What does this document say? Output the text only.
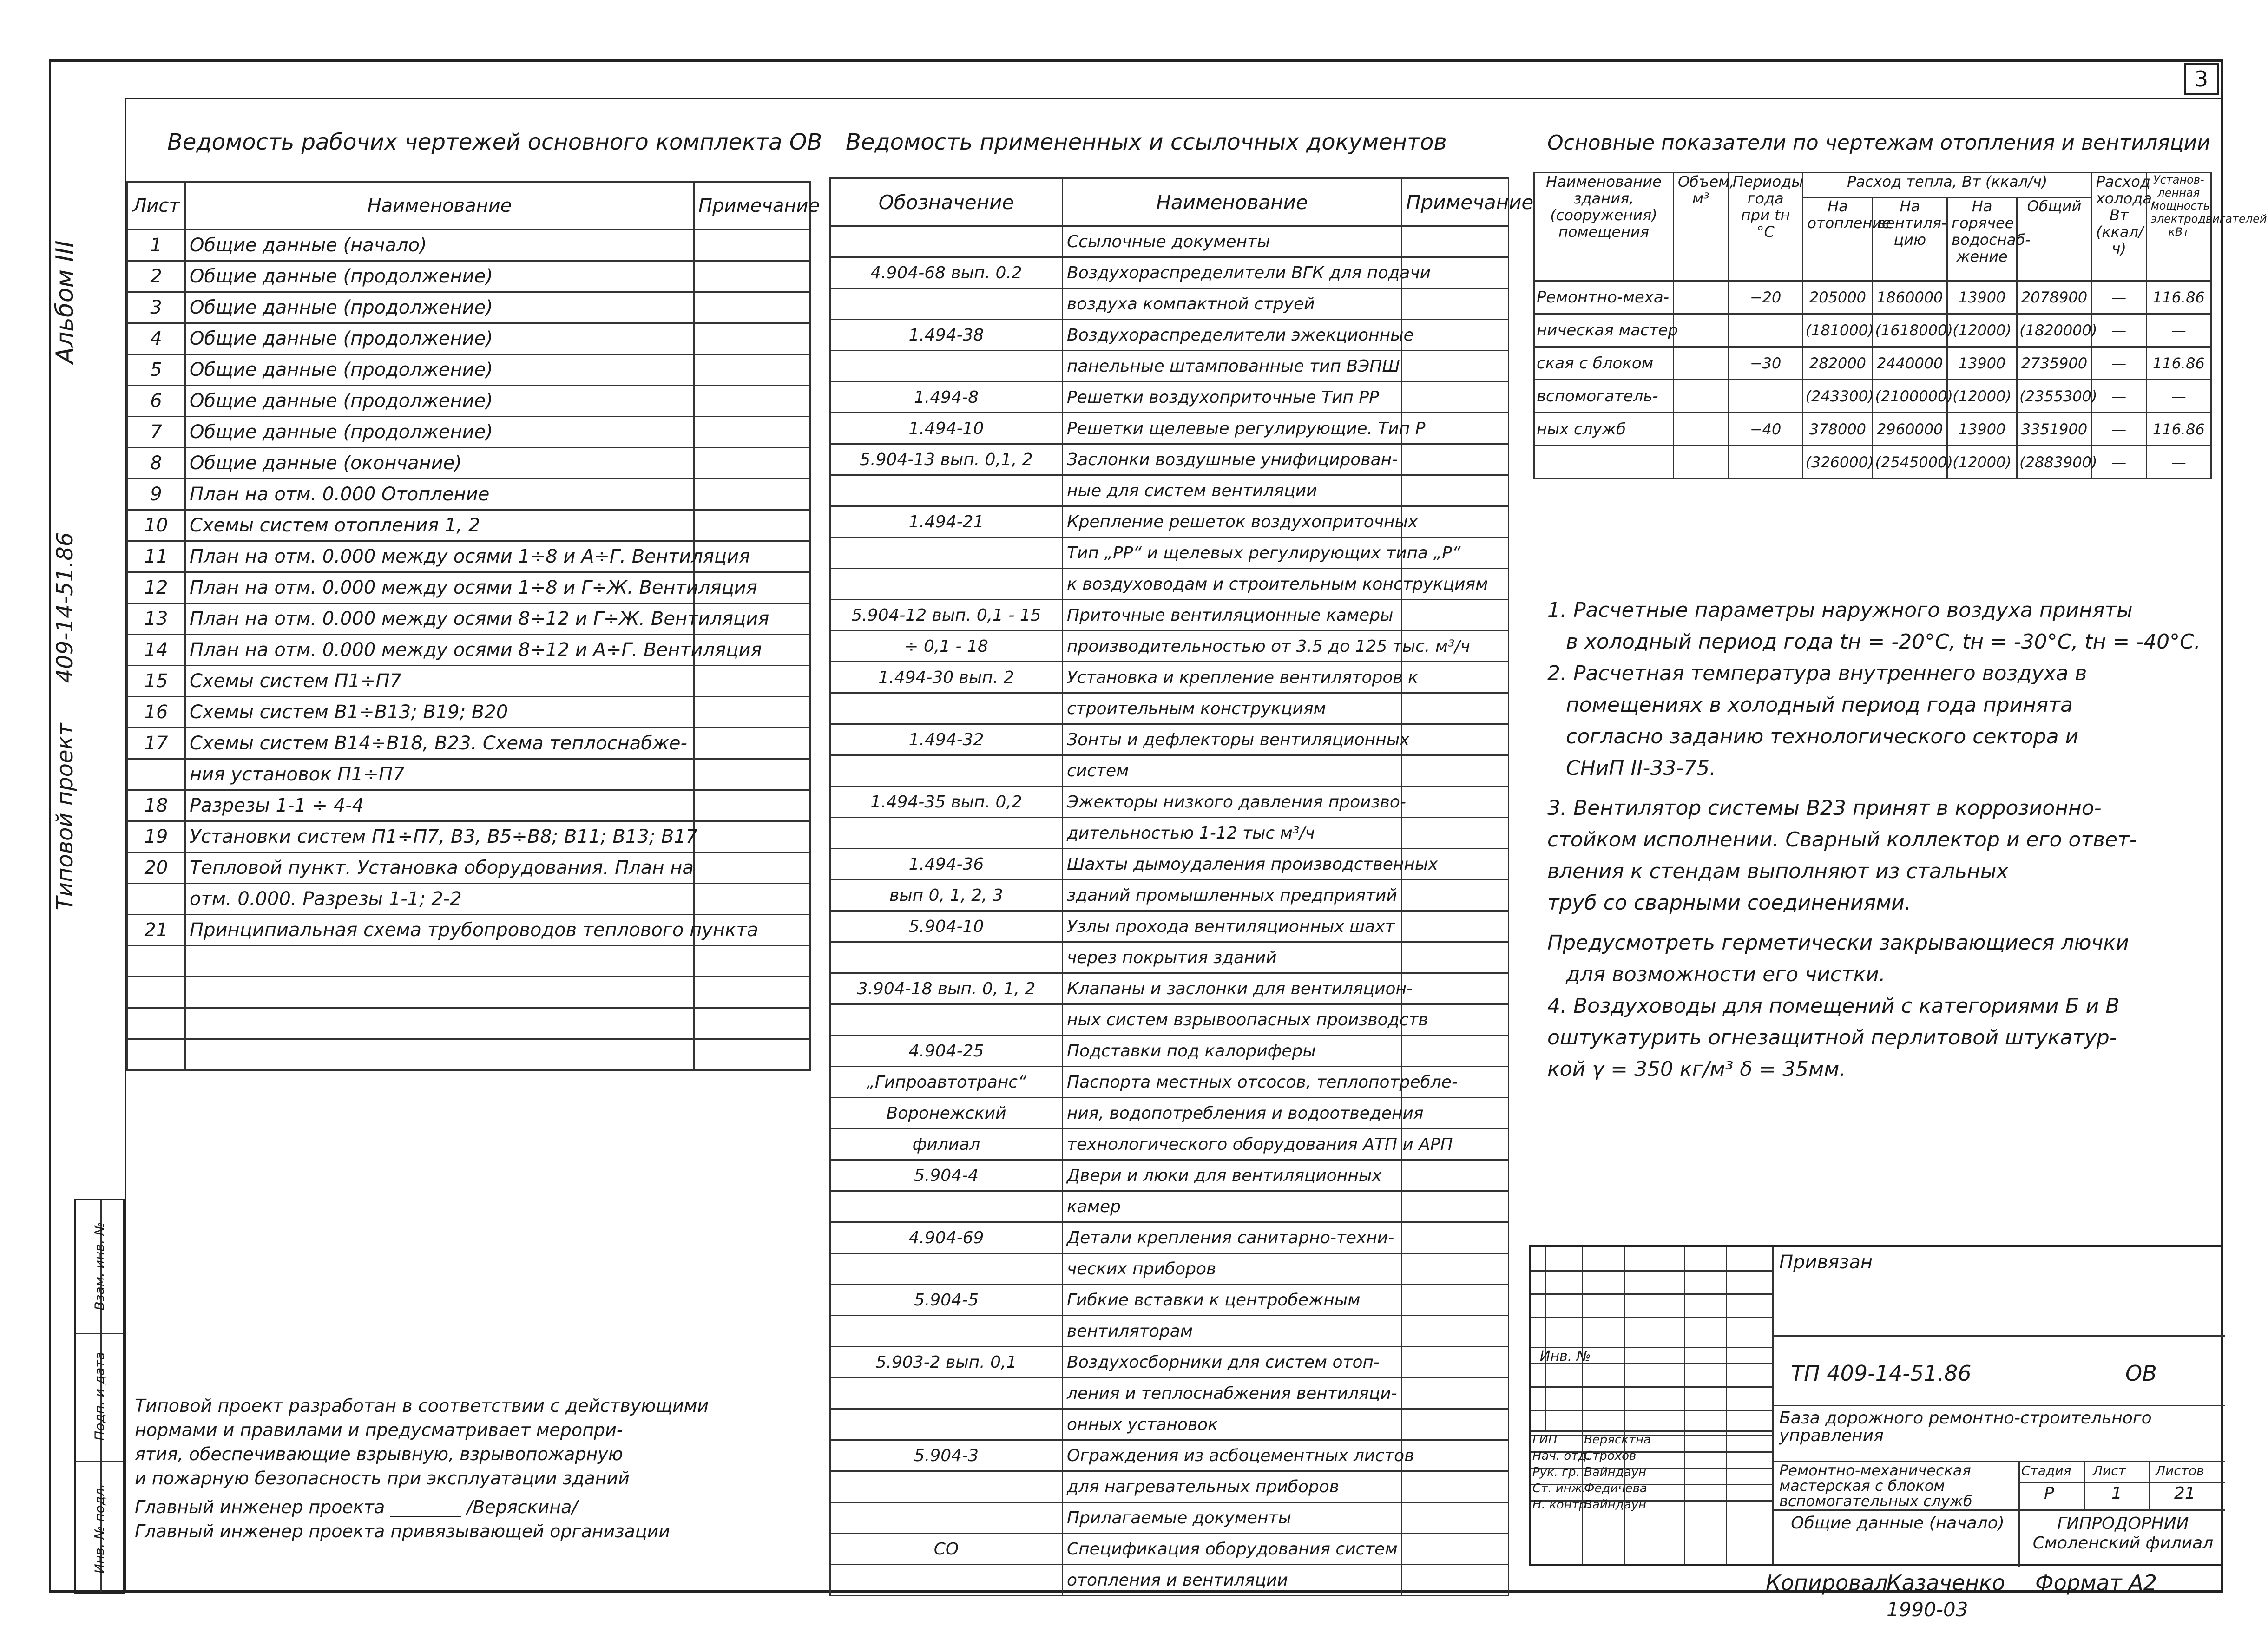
3
Альбом III
409-14-51.86
Типовой проект
Взам. инв. №
Подп. и дата
Инв. № подл.
Ведомость рабочих чертежей основного комплекта ОВ
Лист	Наименование	Примечание
1	Общие данные (начало)	
2	Общие данные (продолжение)	
3	Общие данные (продолжение)	
4	Общие данные (продолжение)	
5	Общие данные (продолжение)	
6	Общие данные (продолжение)	
7	Общие данные (продолжение)	
8	Общие данные (окончание)	
9	План на отм. 0.000 Отопление	
10	Схемы систем отопления 1, 2	
11	План на отм. 0.000 между осями 1÷8 и А÷Г. Вентиляция	
12	План на отм. 0.000 между осями 1÷8 и Г÷Ж. Вентиляция	
13	План на отм. 0.000 между осями 8÷12 и Г÷Ж. Вентиляция	
14	План на отм. 0.000 между осями 8÷12 и А÷Г. Вентиляция	
15	Схемы систем П1÷П7	
16	Схемы систем В1÷В13; В19; В20	
17	Схемы систем В14÷В18, В23. Схема теплоснабже-	
	ния установок П1÷П7	
18	Разрезы 1-1 ÷ 4-4	
19	Установки систем П1÷П7, В3, В5÷В8; В11; В13; В17	
20	Тепловой пункт. Установка оборудования. План на	
	отм. 0.000. Разрезы 1-1; 2-2	
21	Принципиальная схема трубопроводов теплового пункта	

Ведомость примененных и ссылочных документов
Обозначение	Наименование	Примечание
	Ссылочные документы	
4.904-68 вып. 0.2	Воздухораспределители ВГК для подачи	
	воздуха компактной струей	
1.494-38	Воздухораспределители эжекционные	
	панельные штампованные тип ВЭПШ	
1.494-8	Решетки воздухоприточные Тип РР	
1.494-10	Решетки щелевые регулирующие. Тип Р	
5.904-13 вып. 0,1, 2	Заслонки воздушные унифицирован-	
	ные для систем вентиляции	
1.494-21	Крепление решеток воздухоприточных	
	Тип „РР“ и щелевых регулирующих типа „Р“	
	к воздуховодам и строительным конструкциям	
5.904-12 вып. 0,1 - 15	Приточные вентиляционные камеры	
÷ 0,1 - 18	производительностью от 3.5 до 125 тыс. м³/ч	
1.494-30 вып. 2	Установка и крепление вентиляторов к	
	строительным конструкциям	
1.494-32	Зонты и дефлекторы вентиляционных	
	систем	
1.494-35 вып. 0,2	Эжекторы низкого давления произво-	
	дительностью 1-12 тыс м³/ч	
1.494-36	Шахты дымоудаления производственных	
вып 0, 1, 2, 3	зданий промышленных предприятий	
5.904-10	Узлы прохода вентиляционных шахт	
	через покрытия зданий	
3.904-18 вып. 0, 1, 2	Клапаны и заслонки для вентиляцион-	
	ных систем взрывоопасных производств	
4.904-25	Подставки под калориферы	
„Гипроавтотранс“	Паспорта местных отсосов, теплопотребле-	
Воронежский	ния, водопотребления и водоотведения	
филиал	технологического оборудования АТП и АРП	
5.904-4	Двери и люки для вентиляционных	
	камер	
4.904-69	Детали крепления санитарно-техни-	
	ческих приборов	
5.904-5	Гибкие вставки к центробежным	
	вентиляторам	
5.903-2 вып. 0,1	Воздухосборники для систем отоп-	
	ления и теплоснабжения вентиляци-	
	онных установок	
5.904-3	Ограждения из асбоцементных листов	
	для нагревательных приборов	
	Прилагаемые документы	
СО	Спецификация оборудования систем	
	отопления и вентиляции	
Основные показатели по чертежам отопления и вентиляции
Наименование здания, (сооружения) помещения	Объем, м³	Периоды года при tн °С	Расход тепла, Вт (ккал/ч)				Расход холода, Вт (ккал/ч)	Установ-ленная мощность электродвигателей кВт
			На отопление	На вентиля-цию	На горячее водоснаб-жение	Общий		
Ремонтно-меха-		−20	205000	1860000	13900	2078900	—	116.86
ническая мастер			(181000)	(1618000)	(12000)	(1820000)	—	—
ская с блоком		−30	282000	2440000	13900	2735900	—	116.86
вспомогатель-			(243300)	(2100000)	(12000)	(2355300)	—	—
ных служб		−40	378000	2960000	13900	3351900	—	116.86
			(326000)	(2545000)	(12000)	(2883900)	—	—

1. Расчетные параметры наружного воздуха приняты

в холодный период года tн = -20°С, tн = -30°С, tн = -40°С.

2. Расчетная температура внутреннего воздуха в

помещениях в холодный период года принята

согласно заданию технологического сектора и

СНиП II-33-75.

3. Вентилятор системы В23 принят в коррозионно-

стойком исполнении. Сварный коллектор и его ответ-

вления к стендам выполняют из стальных

труб со сварными соединениями.

Предусмотреть герметически закрывающиеся лючки

для возможности его чистки.

4. Воздуховоды для помещений с категориями Б и В

оштукатурить огнезащитной перлитовой штукатур-

кой γ = 350 кг/м³ δ = 35мм.

Типовой проект разработан в соответствии с действующими
нормами и правилами и предусматривает меропри-
ятия, обеспечивающие взрывную, взрывопожарную
и пожарную безопасность при эксплуатации зданий
Главный инженер проекта ________ /Веряскина/
Главный инженер проекта привязывающей организации
Привязан
Инв. №
ТП 409-14-51.86	ОВ
База дорожного ремонтно-строительного управления
Ремонтно-механическая мастерская с блоком вспомогательных служб
Общие данные (начало)	ГИПРОДОРНИИ Смоленский филиал
Стадия Лист Листов
Р	1	21
ГИП Верясктна
Нач. отд.
Строхов
Рук. гр. Вайндаун
Ст. инж.
Федичева
Н. контр.
Вайндаун
Копировал
Казаченко Формат А2
1990-03
